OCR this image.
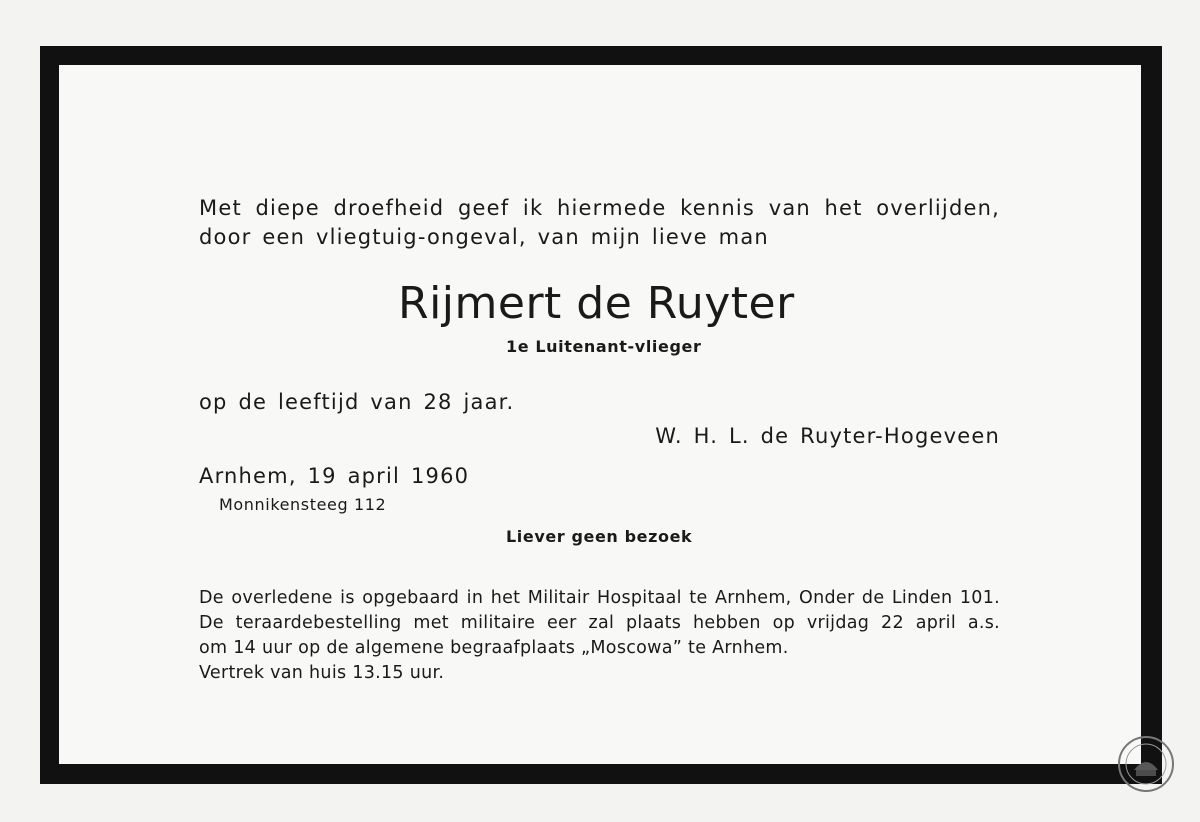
Met diepe droefheid geef ik hiermede kennis van het overlijden,

door een vliegtuig-ongeval, van mijn lieve man

Rijmert de Ruyter

1e Luitenant-vlieger

op de leeftijd van 28 jaar.

W. H. L. de Ruyter-Hogeveen

Arnhem, 19 april 1960

Monnikensteeg 112

Liever geen bezoek

De overledene is opgebaard in het Militair Hospitaal te Arnhem, Onder de Linden 101.

De teraardebestelling met militaire eer zal plaats hebben op vrijdag 22 april a.s.

om 14 uur op de algemene begraafplaats „Moscowa” te Arnhem.

Vertrek van huis 13.15 uur.
